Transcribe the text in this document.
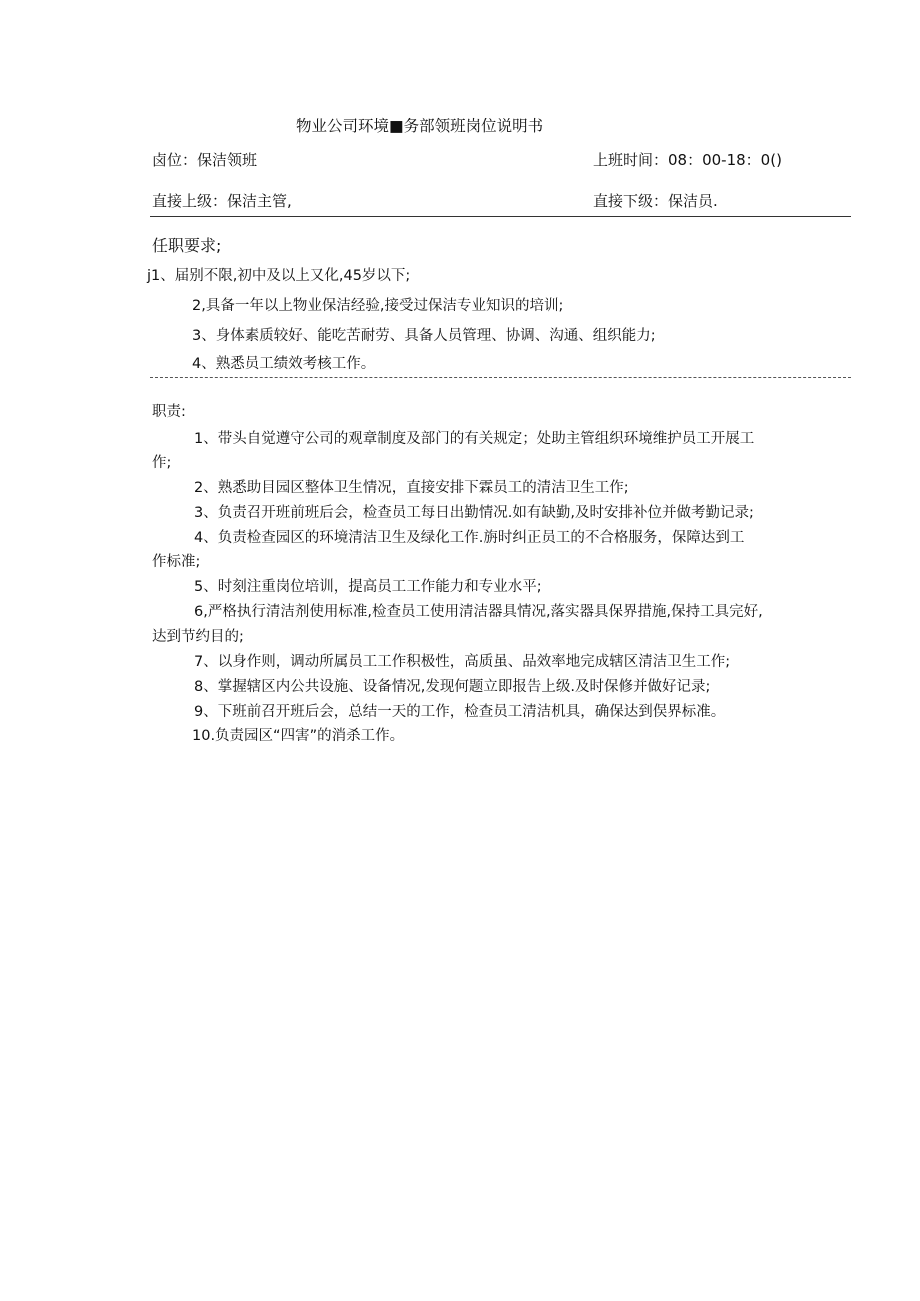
物业公司环境■务部领班岗位说明书
卤位：保洁领班	上班时间：08：00-18：0()
直接上级：保洁主管,	直接下级：保洁员.
任职要求;
j1、届别不限,初中及以上又化,45岁以下;
2,具备一年以上物业保洁经验,接受过保洁专业知识的培训;
3、身体素质较好、能吃苦耐劳、具备人员管理、协调、沟通、组织能力;
4、熟悉员工绩效考核工作。
职责:
1、带头自觉遵守公司的观章制度及部门的有关规定；处助主管组织环境维护员工开展工
作;
2、熟悉助目园区整体卫生情况，直接安排下霖员工的清洁卫生工作;
3、负责召开班前班后会，检查员工每日出勤情况.如有缺勤,及时安排补位并做考勤记录;
4、负责检查园区的环境清洁卫生及绿化工作.旃时纠正员工的不合格服务，保障达到工
作标准;
5、时刻注重岗位培训，提高员工工作能力和专业水平;
6,严格执行清洁剂使用标准,检查员工使用清洁器具情况,落实器具保界措施,保持工具完好,
达到节约目的;
7、以身作则，调动所属员工工作积极性，高质虽、品效率地完成辖区清洁卫生工作;
8、掌握辖区内公共设施、设备情况,发现何题立即报告上级.及时保修并做好记录;
9、下班前召开班后会，总结一天的工作，检查员工清洁机具，确保达到俣界标准。
10.负责园区“四害”的消杀工作。
